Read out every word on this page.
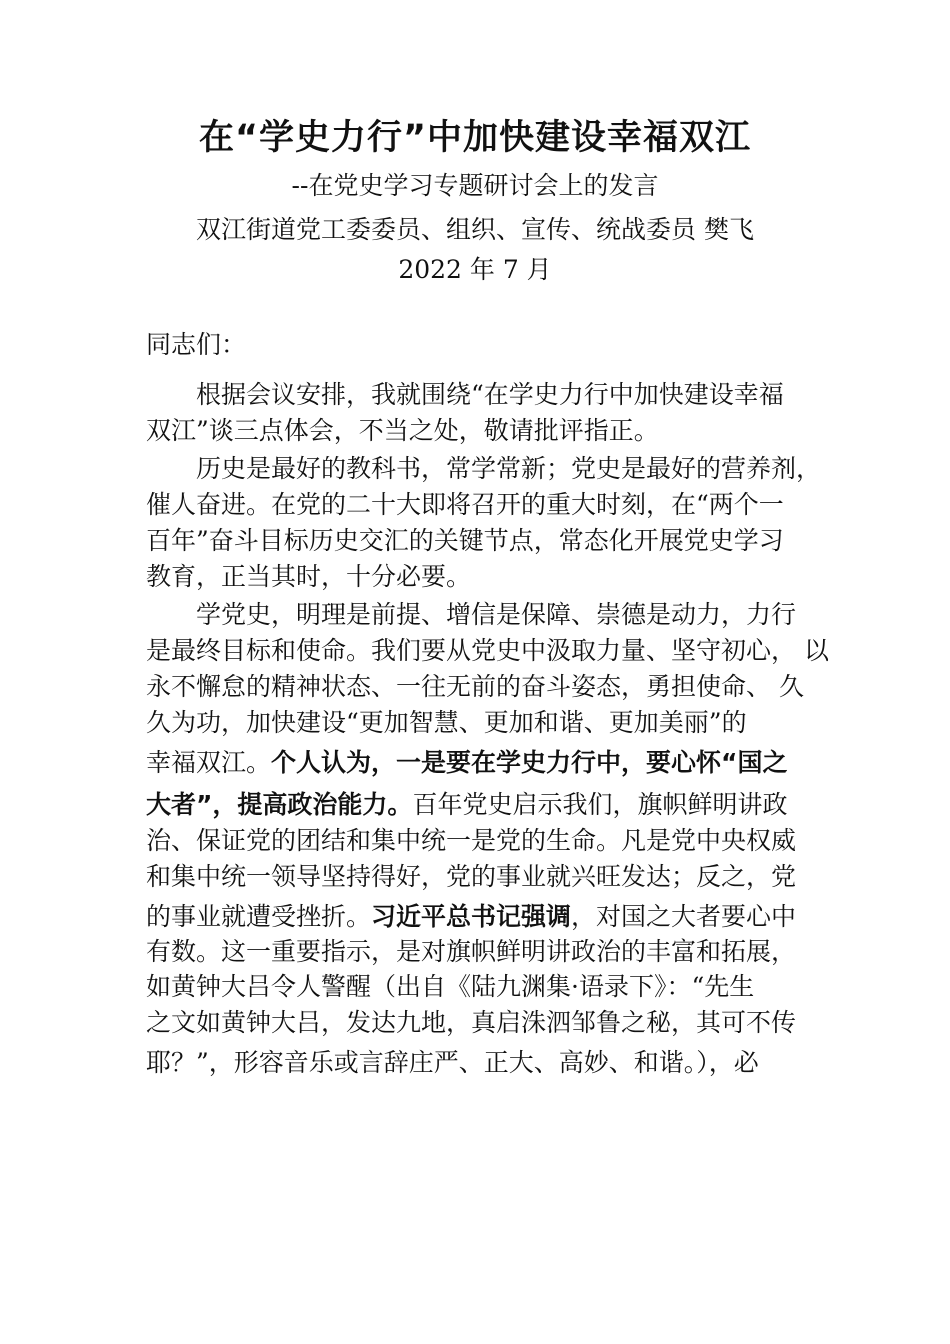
在“学史力行”中加快建设幸福双江
--在党史学习专题研讨会上的发言
双江街道党工委委员、组织、宣传、统战委员 樊飞
2022 年 7 月
同志们：
根据会议安排，我就围绕“在学史力行中加快建设幸福
双江”谈三点体会，不当之处，敬请批评指正。
历史是最好的教科书，常学常新；党史是最好的营养剂，
催人奋进。在党的二十大即将召开的重大时刻，在“两个一
百年”奋斗目标历史交汇的关键节点，常态化开展党史学习
教育，正当其时，十分必要。
学党史，明理是前提、增信是保障、崇德是动力，力行
是最终目标和使命。我们要从党史中汲取力量、坚守初心， 以
永不懈怠的精神状态、一往无前的奋斗姿态，勇担使命、 久
久为功，加快建设“更加智慧、更加和谐、更加美丽”的
幸福双江。个人认为，一是要在学史力行中，要心怀“国之
大者”，提高政治能力。百年党史启示我们，旗帜鲜明讲政
治、保证党的团结和集中统一是党的生命。凡是党中央权威
和集中统一领导坚持得好，党的事业就兴旺发达；反之，党
的事业就遭受挫折。习近平总书记强调，对国之大者要心中
有数。这一重要指示，是对旗帜鲜明讲政治的丰富和拓展，
如黄钟大吕令人警醒（出自《陆九渊集·语录下》：“先生
之文如黄钟大吕，发达九地，真启洙泗邹鲁之秘，其可不传
耶？”，形容音乐或言辞庄严、正大、高妙、和谐。），必
